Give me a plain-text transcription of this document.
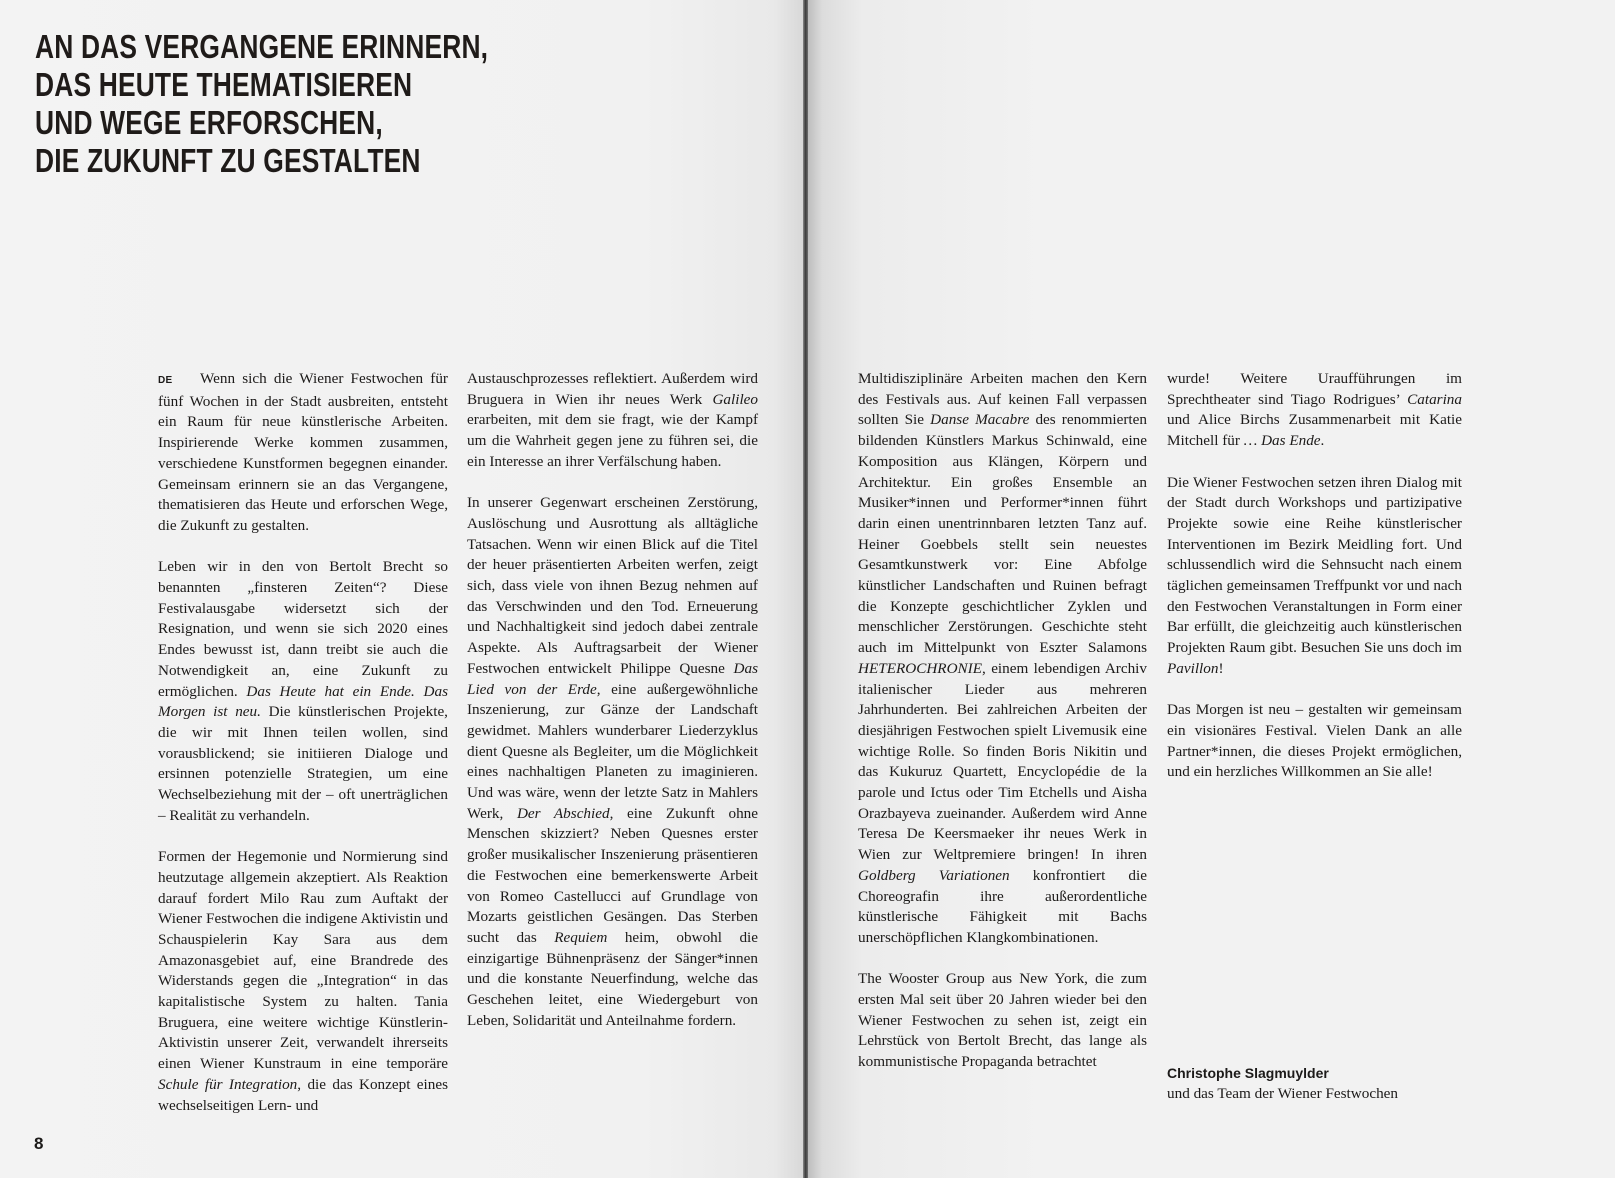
AN DAS VERGANGENE ERINNERN,
DAS HEUTE THEMATISIEREN
UND WEGE ERFORSCHEN,
DIE ZUKUNFT ZU GESTALTEN

DE Wenn sich die Wiener Festwochen für fünf Wochen in der Stadt ausbreiten, entsteht ein Raum für neue künstlerische Arbeiten. Inspirierende Werke kommen zusammen, verschiedene Kunstformen begegnen einander. Gemeinsam erinnern sie an das Vergangene, thematisieren das Heute und erforschen Wege, die Zukunft zu gestalten.

Leben wir in den von Bertolt Brecht so benannten „finsteren Zeiten“? Diese Festivalausgabe widersetzt sich der Resignation, und wenn sie sich 2020 eines Endes bewusst ist, dann treibt sie auch die Notwendigkeit an, eine Zukunft zu ermöglichen. Das Heute hat ein Ende. Das Morgen ist neu. Die künstlerischen Projekte, die wir mit Ihnen teilen wollen, sind vorausblickend; sie initiieren Dialoge und ersinnen potenzielle Strategien, um eine Wechselbeziehung mit der – oft unerträglichen – Realität zu verhandeln.

Formen der Hegemonie und Normierung sind heutzutage allgemein akzeptiert. Als Reaktion darauf fordert Milo Rau zum Auftakt der Wiener Festwochen die indigene Aktivistin und Schauspielerin Kay Sara aus dem Amazonasgebiet auf, eine Brandrede des Widerstands gegen die „Integration“ in das kapitalistische System zu halten. Tania Bruguera, eine weitere wichtige Künstlerin-Aktivistin unserer Zeit, verwandelt ihrerseits einen Wiener Kunstraum in eine temporäre Schule für Integration, die das Konzept eines wechselseitigen Lern- und

Austauschprozesses reflektiert. Außerdem wird Bruguera in Wien ihr neues Werk Galileo erarbeiten, mit dem sie fragt, wie der Kampf um die Wahrheit gegen jene zu führen sei, die ein Interesse an ihrer Verfälschung haben.

In unserer Gegenwart erscheinen Zerstörung, Auslöschung und Ausrottung als alltägliche Tatsachen. Wenn wir einen Blick auf die Titel der heuer präsentierten Arbeiten werfen, zeigt sich, dass viele von ihnen Bezug nehmen auf das Verschwinden und den Tod. Erneuerung und Nachhaltigkeit sind jedoch dabei zentrale Aspekte. Als Auftragsarbeit der Wiener Festwochen entwickelt Philippe Quesne Das Lied von der Erde, eine außergewöhnliche Inszenierung, zur Gänze der Landschaft gewidmet. Mahlers wunderbarer Liederzyklus dient Quesne als Begleiter, um die Möglichkeit eines nachhaltigen Planeten zu imaginieren. Und was wäre, wenn der letzte Satz in Mahlers Werk, Der Abschied, eine Zukunft ohne Menschen skizziert? Neben Quesnes erster großer musikalischer Inszenierung präsentieren die Festwochen eine bemerkenswerte Arbeit von Romeo Castellucci auf Grundlage von Mozarts geistlichen Gesängen. Das Sterben sucht das Requiem heim, obwohl die einzigartige Bühnenpräsenz der Sänger*innen und die konstante Neuerfindung, welche das Geschehen leitet, eine Wiedergeburt von Leben, Solidarität und Anteilnahme fordern.

Multidisziplinäre Arbeiten machen den Kern des Festivals aus. Auf keinen Fall verpassen sollten Sie Danse Macabre des renommierten bildenden Künstlers Markus Schinwald, eine Komposition aus Klängen, Körpern und Architektur. Ein großes Ensemble an Musiker*innen und Performer*innen führt darin einen unentrinnbaren letzten Tanz auf. Heiner Goebbels stellt sein neuestes Gesamtkunstwerk vor: Eine Abfolge künstlicher Landschaften und Ruinen befragt die Konzepte geschichtlicher Zyklen und menschlicher Zerstörungen. Geschichte steht auch im Mittelpunkt von Eszter Salamons HETEROCHRONIE, einem lebendigen Archiv italienischer Lieder aus mehreren Jahrhunderten. Bei zahlreichen Arbeiten der diesjährigen Festwochen spielt Livemusik eine wichtige Rolle. So finden Boris Nikitin und das Kukuruz Quartett, Encyclopédie de la parole und Ictus oder Tim Etchells und Aisha Orazbayeva zueinander. Außerdem wird Anne Teresa De Keersmaeker ihr neues Werk in Wien zur Weltpremiere bringen! In ihren Goldberg Variationen konfrontiert die Choreografin ihre außerordentliche künstlerische Fähigkeit mit Bachs unerschöpflichen Klangkombinationen.

The Wooster Group aus New York, die zum ersten Mal seit über 20 Jahren wieder bei den Wiener Festwochen zu sehen ist, zeigt ein Lehrstück von Bertolt Brecht, das lange als kommunistische Propaganda betrachtet

wurde! Weitere Uraufführungen im Sprechtheater sind Tiago Rodrigues’ Catarina und Alice Birchs Zusammenarbeit mit Katie Mitchell für … Das Ende.

Die Wiener Festwochen setzen ihren Dialog mit der Stadt durch Workshops und partizipative Projekte sowie eine Reihe künstlerischer Interventionen im Bezirk Meidling fort. Und schlussendlich wird die Sehnsucht nach einem täglichen gemeinsamen Treffpunkt vor und nach den Festwochen Veranstaltungen in Form einer Bar erfüllt, die gleichzeitig auch künstlerischen Projekten Raum gibt. Besuchen Sie uns doch im Pavillon!

Das Morgen ist neu – gestalten wir gemeinsam ein visionäres Festival. Vielen Dank an alle Partner*innen, die dieses Projekt ermöglichen, und ein herzliches Willkommen an Sie alle!

Christophe Slagmuylder
und das Team der Wiener Festwochen
8
